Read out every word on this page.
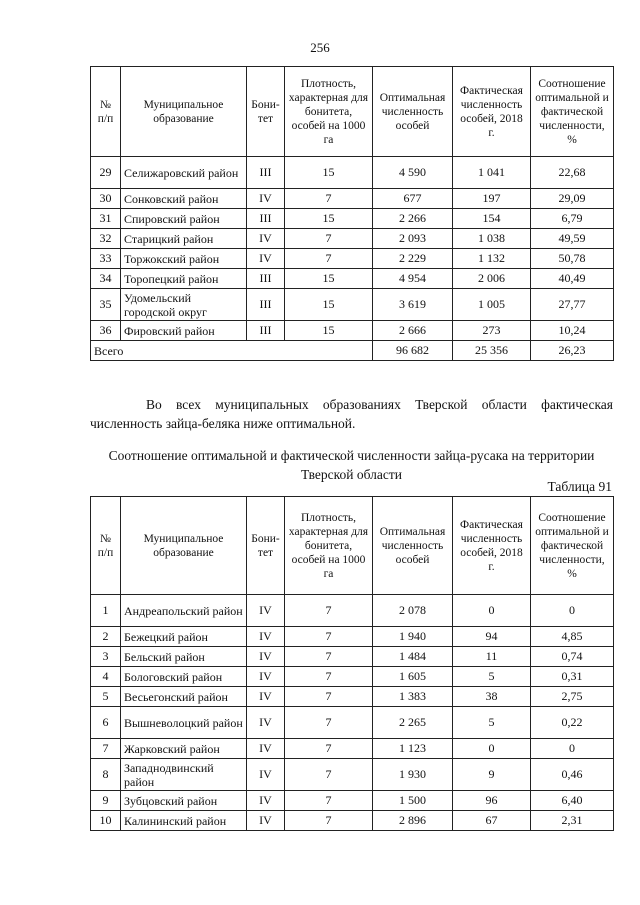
256
№ п/п	Муниципальное образование	Бони-тет	Плотность, характерная для бонитета, особей на 1000 га	Оптимальная численность особей	Фактическая численность особей, 2018 г.	Соотношение оптимальной и фактической численности, %
29	Селижаровский район	III	15	4 590	1 041	22,68
30	Сонковский район	IV	7	677	197	29,09
31	Спировский район	III	15	2 266	154	6,79
32	Старицкий район	IV	7	2 093	1 038	49,59
33	Торжокский район	IV	7	2 229	1 132	50,78
34	Торопецкий район	III	15	4 954	2 006	40,49
35	Удомельский городской округ	III	15	3 619	1 005	27,77
36	Фировский район	III	15	2 666	273	10,24
Всего				96 682	25 356	26,23
Во всех муниципальных образованиях Тверской области фактическая численность зайца-беляка ниже оптимальной.
Соотношение оптимальной и фактической численности зайца-русака на территории Тверской области
Таблица 91
№ п/п	Муниципальное образование	Бони-тет	Плотность, характерная для бонитета, особей на 1000 га	Оптимальная численность особей	Фактическая численность особей, 2018 г.	Соотношение оптимальной и фактической численности, %
1	Андреапольский район	IV	7	2 078	0	0
2	Бежецкий район	IV	7	1 940	94	4,85
3	Бельский район	IV	7	1 484	11	0,74
4	Бологовский район	IV	7	1 605	5	0,31
5	Весьегонский район	IV	7	1 383	38	2,75
6	Вышневолоцкий район	IV	7	2 265	5	0,22
7	Жарковский район	IV	7	1 123	0	0
8	Западнодвинский район	IV	7	1 930	9	0,46
9	Зубцовский район	IV	7	1 500	96	6,40
10	Калининский район	IV	7	2 896	67	2,31
